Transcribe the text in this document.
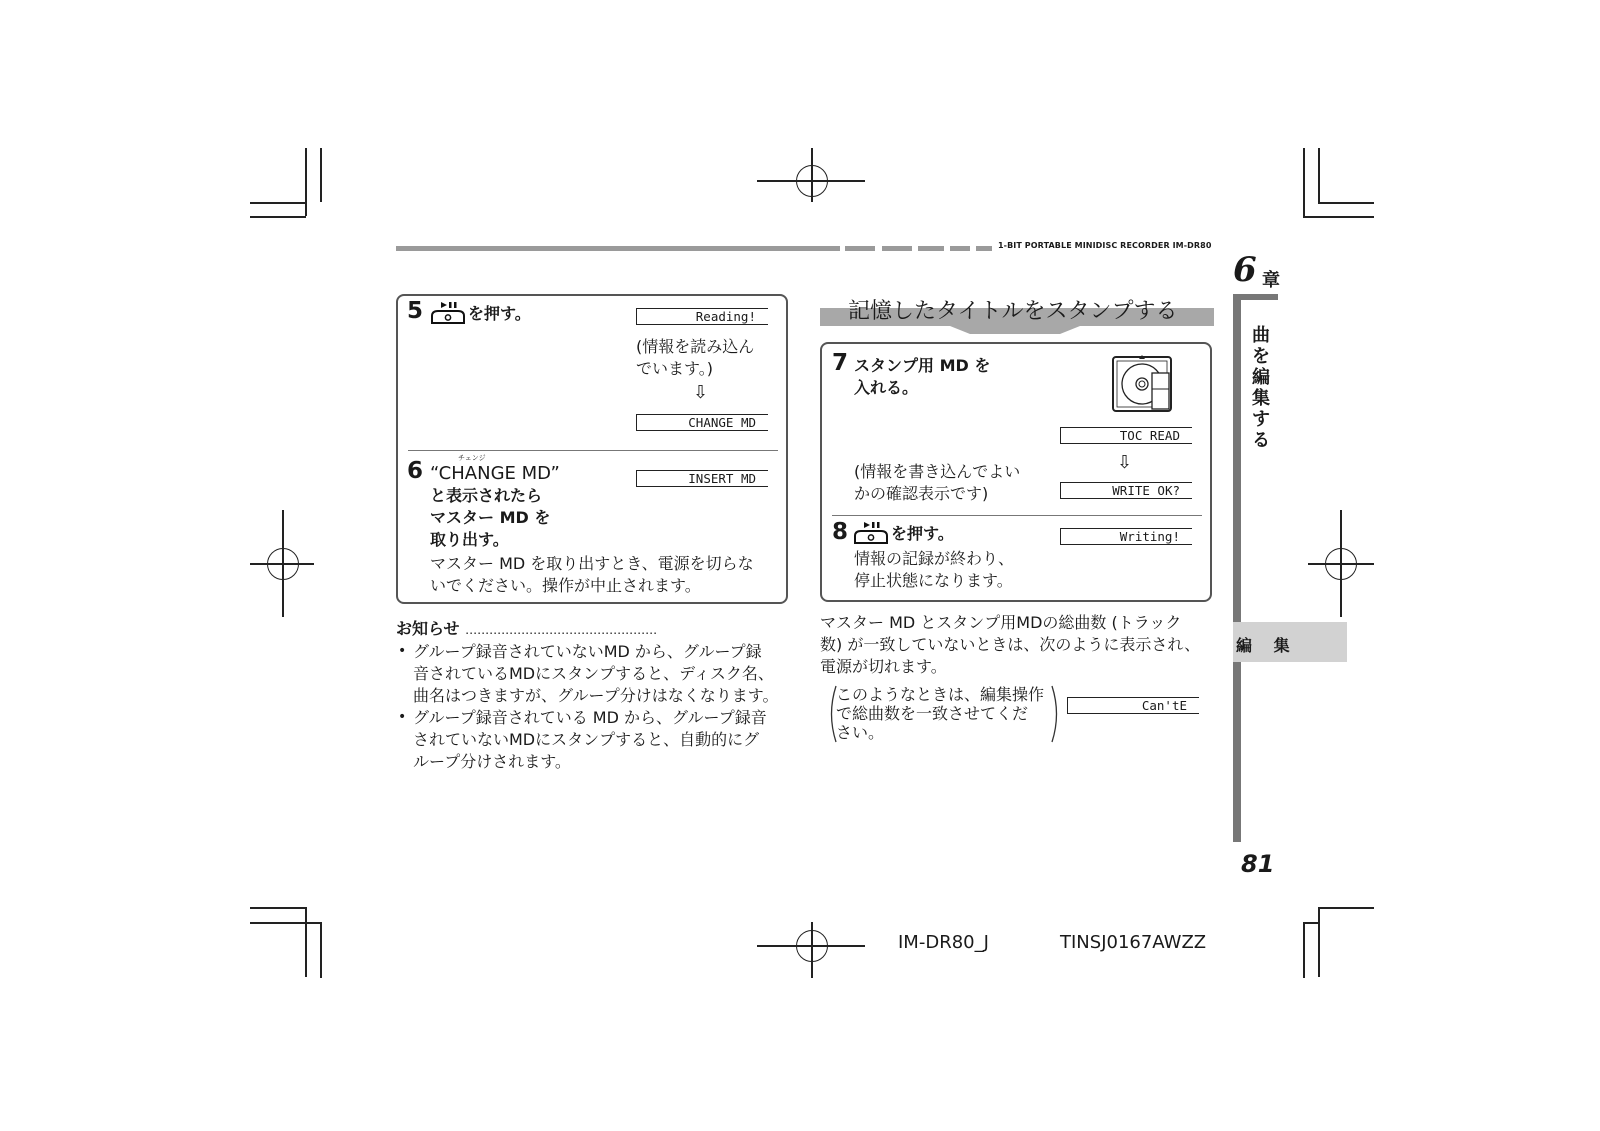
1-BIT PORTABLE MINIDISC RECORDER IM-DR80
6 章
曲
を
編
集
す
る
編 集
81
5	を押す。	Reading!
(情報を読み込ん
でいます。)
⇩
CHANGE MD
6	チェンジ
“CHANGE MD”
と表示されたら
マスター MD を
取り出す。
INSERT MD
マスター MD を取り出すとき、電源を切らな
いでください。操作が中止されます。
お知らせ …………………………………………
• グループ録音されていないMD から、グループ録
音されているMDにスタンプすると、ディスク名、
曲名はつきますが、グループ分けはなくなります。
• グループ録音されている MD から、グループ録音
されていないMDにスタンプすると、自動的にグ
ループ分けされます。
記憶したタイトルをスタンプする
7 スタンプ用 MD を
入れる。
TOC READ
⇩
(情報を書き込んでよい
かの確認表示です)	WRITE OK?
8	を押す。	Writing!
情報の記録が終わり、
停止状態になります。
マスター MD とスタンプ用MDの総曲数 (トラック
数) が一致していないときは、次のように表示され、
電源が切れます。
このようなときは、編集操作
で総曲数を一致させてくだ
さい。
Can'tE
IM-DR80_J	TINSJ0167AWZZ
